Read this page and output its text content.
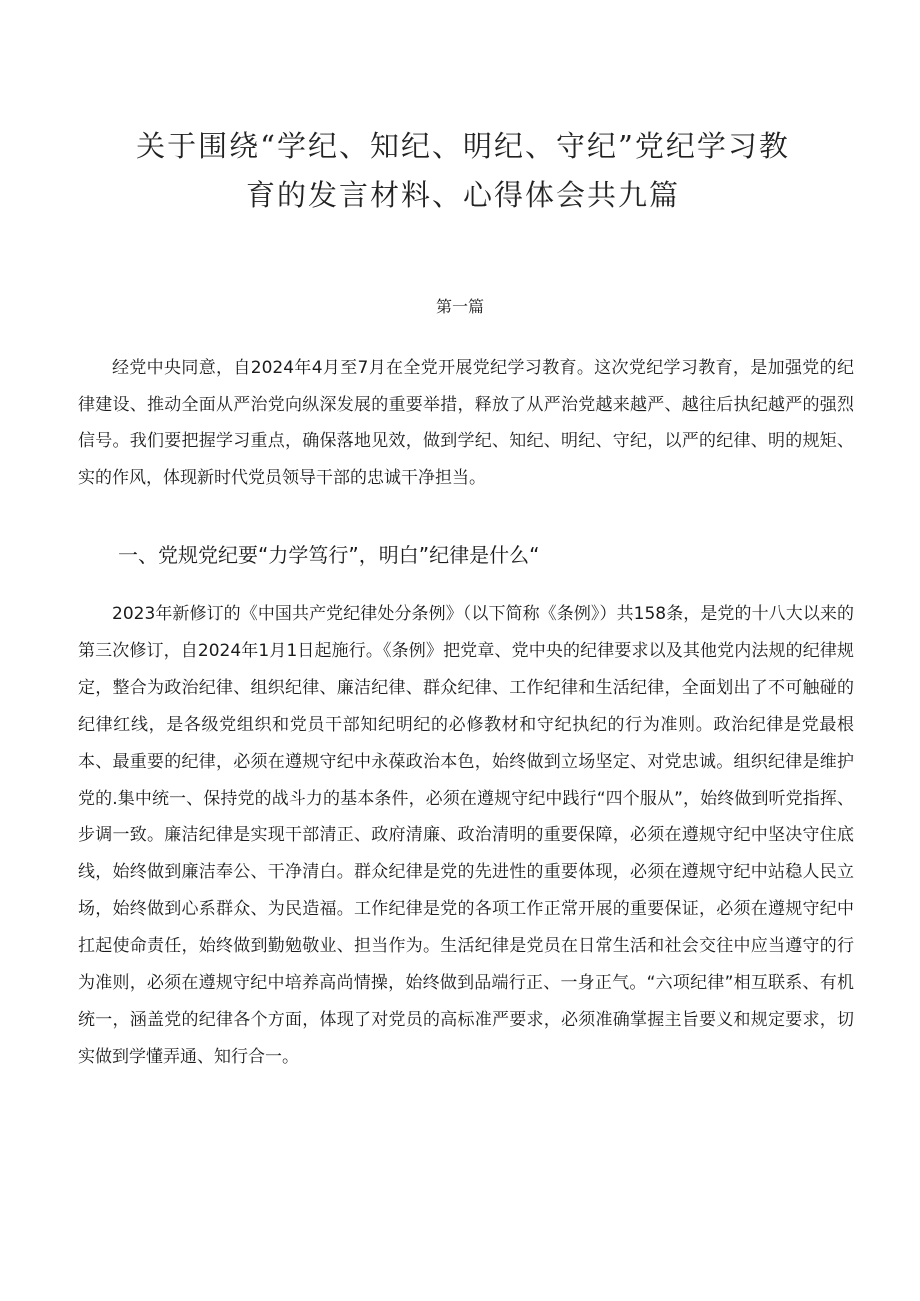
关于围绕“学纪、知纪、明纪、守纪”党纪学习教
育的发言材料、心得体会共九篇
第一篇

经党中央同意，自2024年4月至7月在全党开展党纪学习教育。这次党纪学习教育，是加强党的纪律建设、推动全面从严治党向纵深发展的重要举措，释放了从严治党越来越严、越往后执纪越严的强烈信号。我们要把握学习重点，确保落地见效，做到学纪、知纪、明纪、守纪，以严的纪律、明的规矩、实的作风，体现新时代党员领导干部的忠诚干净担当。

一、党规党纪要“力学笃行”，明白”纪律是什么“

2023年新修订的《中国共产党纪律处分条例》（以下简称《条例》）共158条，是党的十八大以来的第三次修订，自2024年1月1日起施行。《条例》把党章、党中央的纪律要求以及其他党内法规的纪律规定，整合为政治纪律、组织纪律、廉洁纪律、群众纪律、工作纪律和生活纪律，全面划出了不可触碰的纪律红线，是各级党组织和党员干部知纪明纪的必修教材和守纪执纪的行为准则。政治纪律是党最根本、最重要的纪律，必须在遵规守纪中永葆政治本色，始终做到立场坚定、对党忠诚。组织纪律是维护党的.集中统一、保持党的战斗力的基本条件，必须在遵规守纪中践行“四个服从”，始终做到听党指挥、步调一致。廉洁纪律是实现干部清正、政府清廉、政治清明的重要保障，必须在遵规守纪中坚决守住底线，始终做到廉洁奉公、干净清白。群众纪律是党的先进性的重要体现，必须在遵规守纪中站稳人民立场，始终做到心系群众、为民造福。工作纪律是党的各项工作正常开展的重要保证，必须在遵规守纪中扛起使命责任，始终做到勤勉敬业、担当作为。生活纪律是党员在日常生活和社会交往中应当遵守的行为准则，必须在遵规守纪中培养高尚情操，始终做到品端行正、一身正气。“六项纪律”相互联系、有机统一，涵盖党的纪律各个方面，体现了对党员的高标准严要求，必须准确掌握主旨要义和规定要求，切实做到学懂弄通、知行合一。
